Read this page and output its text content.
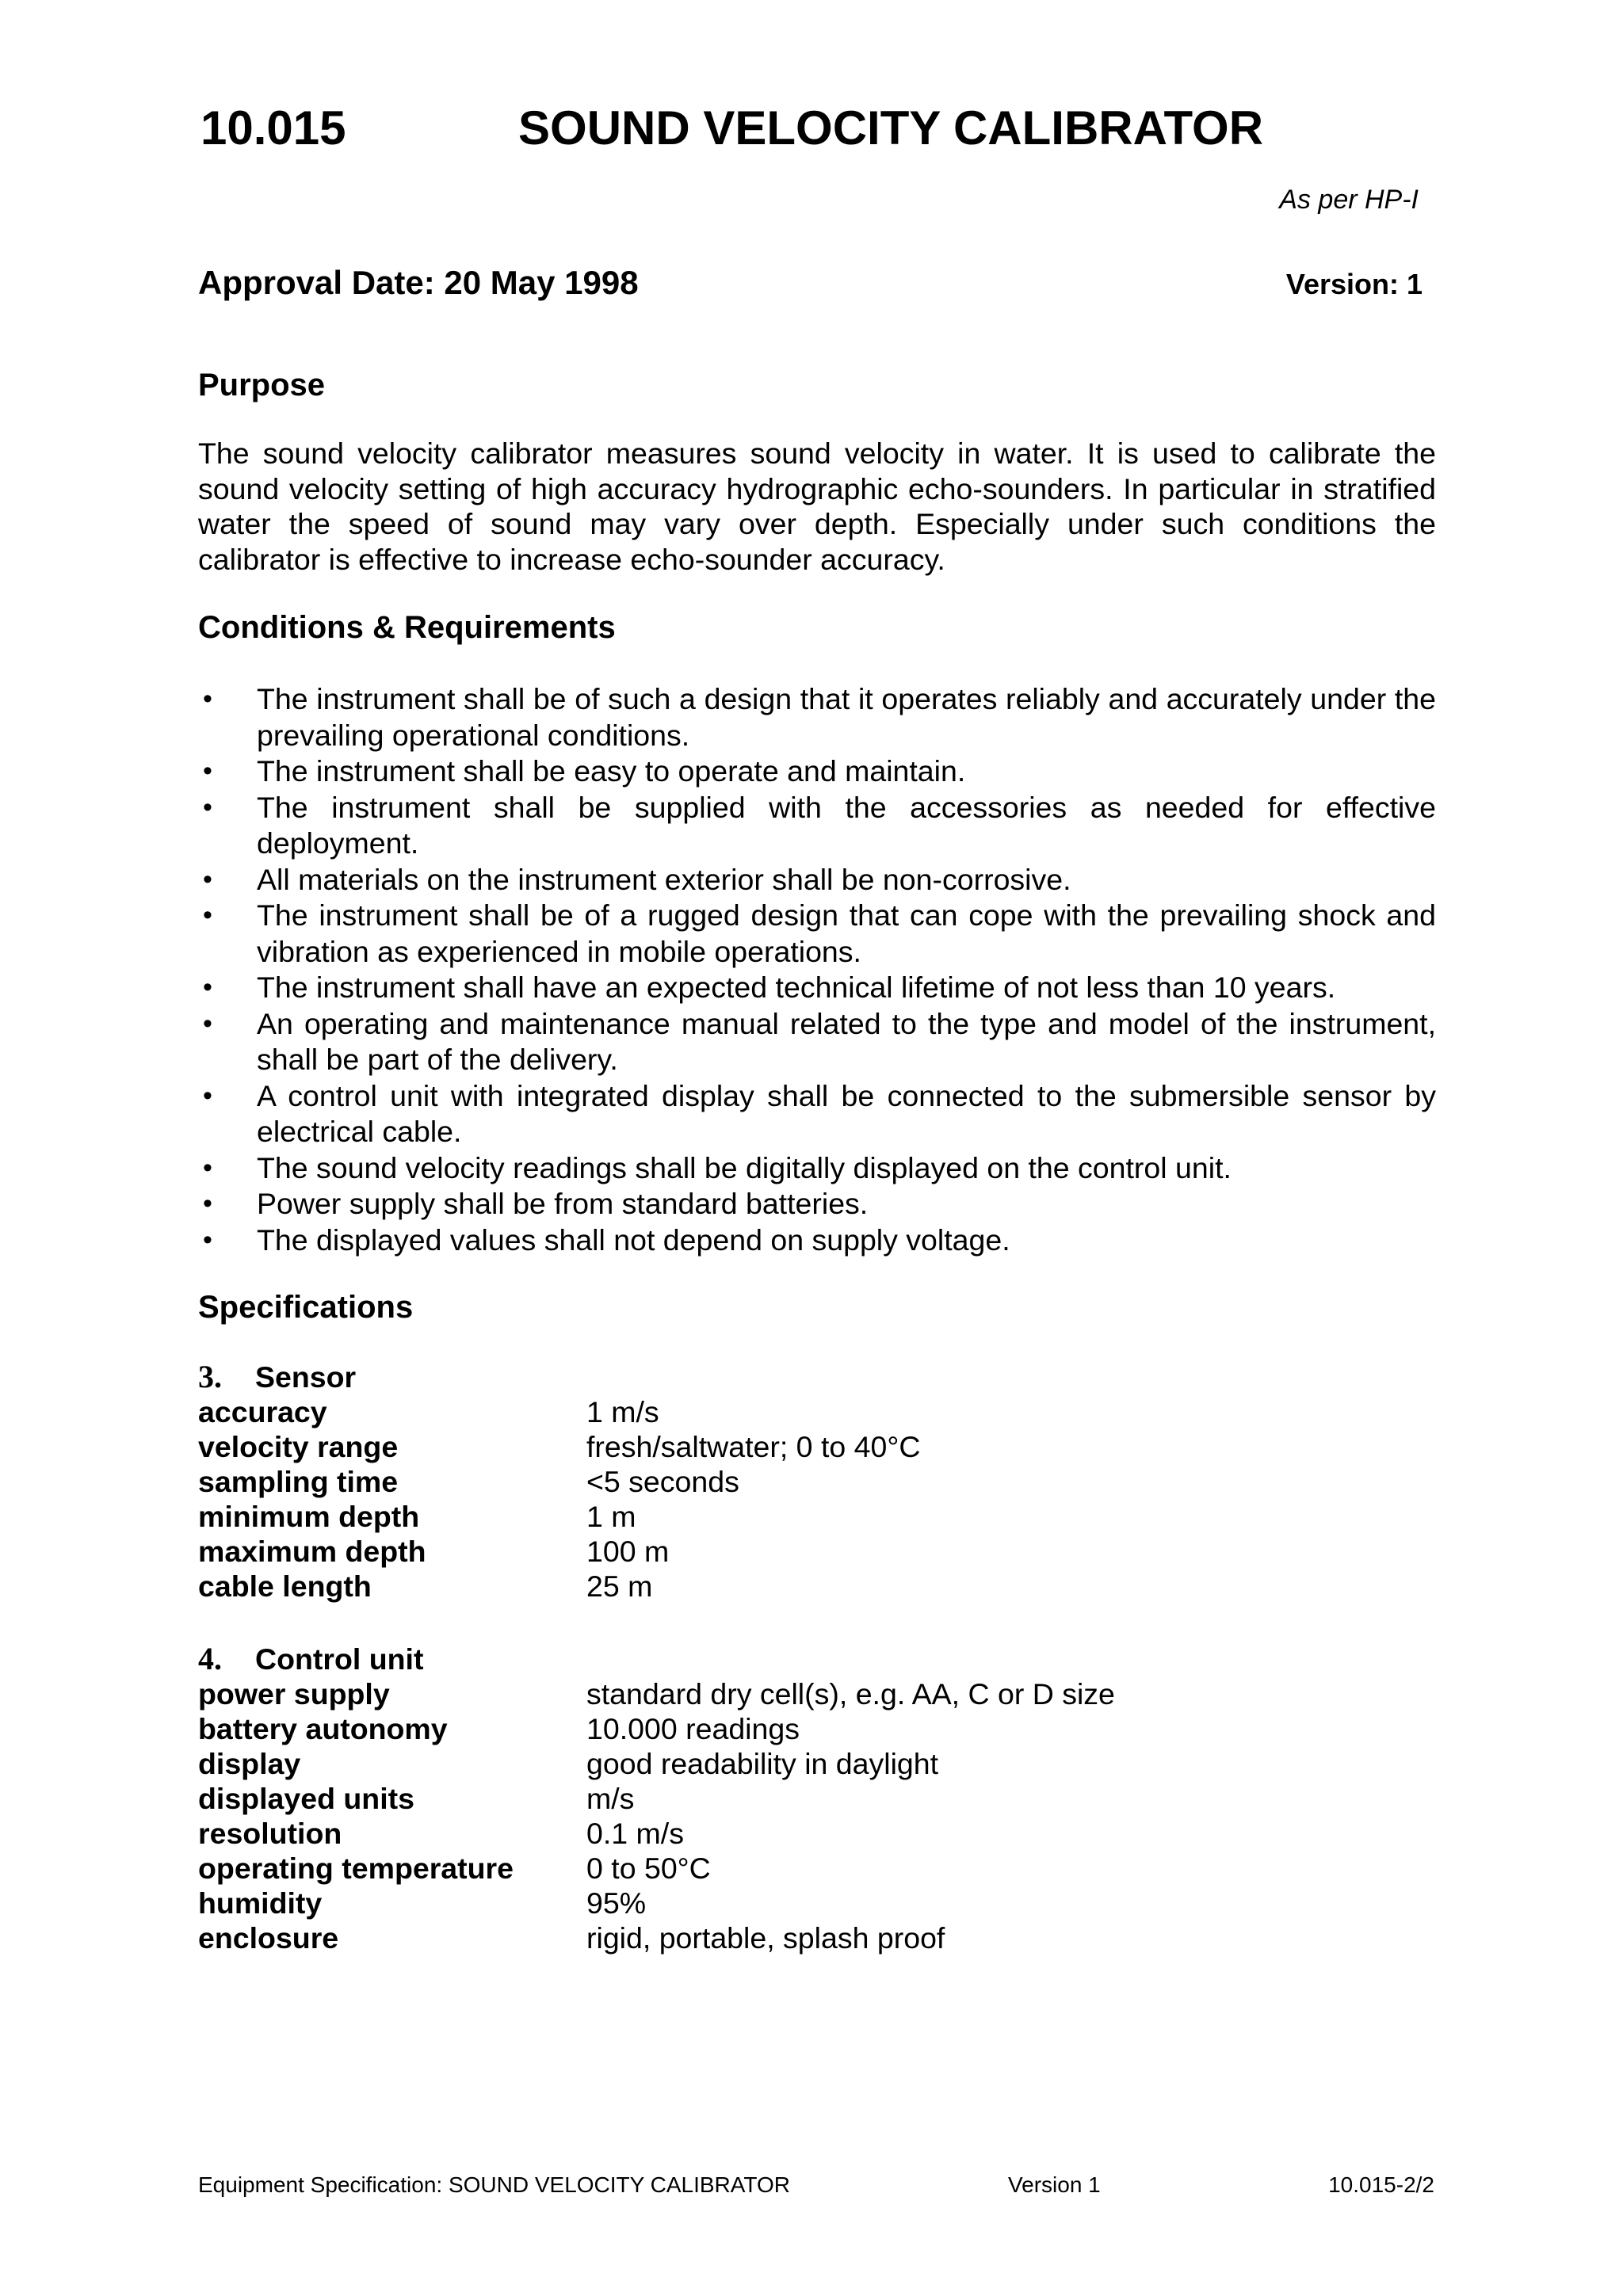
10.015	SOUND VELOCITY CALIBRATOR
As per HP-I
Approval Date: 20 May 1998	Version: 1
Purpose
The sound velocity calibrator measures sound velocity in water. It is used to calibrate the sound velocity setting of high accuracy hydrographic echo-sounders. In particular in stratified water the speed of sound may vary over depth. Especially under such conditions the calibrator is effective to increase echo-sounder accuracy.
Conditions & Requirements
• The instrument shall be of such a design that it operates reliably and accurately under the prevailing operational conditions.
• The instrument shall be easy to operate and maintain.
• The instrument shall be supplied with the accessories as needed for effective deployment.
• All materials on the instrument exterior shall be non-corrosive.
• The instrument shall be of a rugged design that can cope with the prevailing shock and vibration as experienced in mobile operations.
• The instrument shall have an expected technical lifetime of not less than 10 years.
• An operating and maintenance manual related to the type and model of the instrument, shall be part of the delivery.
• A control unit with integrated display shall be connected to the submersible sensor by electrical cable.
• The sound velocity readings shall be digitally displayed on the control unit.
• Power supply shall be from standard batteries.
• The displayed values shall not depend on supply voltage.
Specifications
3. Sensor	
accuracy	1 m/s
velocity range	fresh/saltwater; 0 to 40°C
sampling time	<5 seconds
minimum depth	1 m
maximum depth	100 m
cable length	25 m
4. Control unit	
power supply	standard dry cell(s), e.g. AA, C or D size
battery autonomy	10.000 readings
display	good readability in daylight
displayed units	m/s
resolution	0.1 m/s
operating temperature	0 to 50°C
humidity	95%
enclosure	rigid, portable, splash proof
Equipment Specification: SOUND VELOCITY CALIBRATOR	Version 1	10.015-2/2
